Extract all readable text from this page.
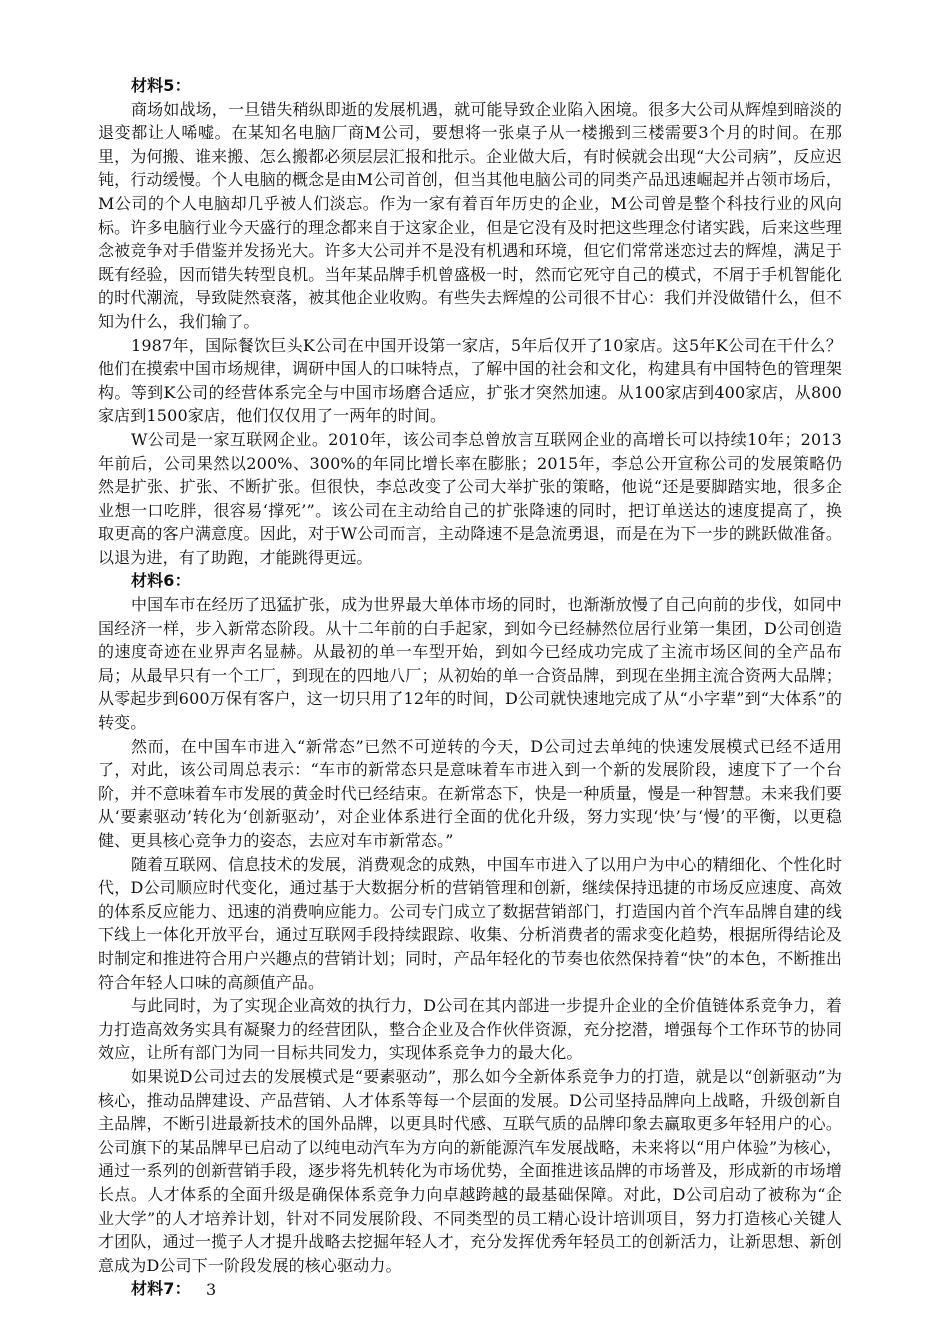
材料5：

商场如战场，一旦错失稍纵即逝的发展机遇，就可能导致企业陷入困境。很多大公司从辉煌到暗淡的退变都让人唏嘘。在某知名电脑厂商M公司，要想将一张桌子从一楼搬到三楼需要3个月的时间。在那里，为何搬、谁来搬、怎么搬都必须层层汇报和批示。企业做大后，有时候就会出现“大公司病”，反应迟钝，行动缓慢。个人电脑的概念是由M公司首创，但当其他电脑公司的同类产品迅速崛起并占领市场后，M公司的个人电脑却几乎被人们淡忘。作为一家有着百年历史的企业，M公司曾是整个科技行业的风向标。许多电脑行业今天盛行的理念都来自于这家企业，但是它没有及时把这些理念付诸实践，后来这些理念被竞争对手借鉴并发扬光大。许多大公司并不是没有机遇和环境，但它们常常迷恋过去的辉煌，满足于既有经验，因而错失转型良机。当年某品牌手机曾盛极一时，然而它死守自己的模式，不屑于手机智能化的时代潮流，导致陡然衰落，被其他企业收购。有些失去辉煌的公司很不甘心：我们并没做错什么，但不知为什么，我们输了。

1987年，国际餐饮巨头K公司在中国开设第一家店，5年后仅开了10家店。这5年K公司在干什么？他们在摸索中国市场规律，调研中国人的口味特点，了解中国的社会和文化，构建具有中国特色的管理架构。等到K公司的经营体系完全与中国市场磨合适应，扩张才突然加速。从100家店到400家店，从800家店到1500家店，他们仅仅用了一两年的时间。

W公司是一家互联网企业。2010年，该公司李总曾放言互联网企业的高增长可以持续10年；2013年前后，公司果然以200%、300%的年同比增长率在膨胀；2015年，李总公开宣称公司的发展策略仍然是扩张、扩张、不断扩张。但很快，李总改变了公司大举扩张的策略，他说“还是要脚踏实地，很多企业想一口吃胖，很容易‘撑死’”。该公司在主动给自己的扩张降速的同时，把订单送达的速度提高了，换取更高的客户满意度。因此，对于W公司而言，主动降速不是急流勇退，而是在为下一步的跳跃做准备。以退为进，有了助跑，才能跳得更远。

材料6：

中国车市在经历了迅猛扩张，成为世界最大单体市场的同时，也渐渐放慢了自己向前的步伐，如同中国经济一样，步入新常态阶段。从十二年前的白手起家，到如今已经赫然位居行业第一集团，D公司创造的速度奇迹在业界声名显赫。从最初的单一车型开始，到如今已经成功完成了主流市场区间的全产品布局；从最早只有一个工厂，到现在的四地八厂；从初始的单一合资品牌，到现在坐拥主流合资两大品牌；从零起步到600万保有客户，这一切只用了12年的时间，D公司就快速地完成了从“小字辈”到“大体系”的转变。

然而，在中国车市进入“新常态”已然不可逆转的今天，D公司过去单纯的快速发展模式已经不适用了，对此，该公司周总表示：“车市的新常态只是意味着车市进入到一个新的发展阶段，速度下了一个台阶，并不意味着车市发展的黄金时代已经结束。在新常态下，快是一种质量，慢是一种智慧。未来我们要从‘要素驱动’转化为‘创新驱动’，对企业体系进行全面的优化升级，努力实现‘快’与‘慢’的平衡，以更稳健、更具核心竞争力的姿态，去应对车市新常态。”

随着互联网、信息技术的发展，消费观念的成熟，中国车市进入了以用户为中心的精细化、个性化时代，D公司顺应时代变化，通过基于大数据分析的营销管理和创新，继续保持迅捷的市场反应速度、高效的体系反应能力、迅速的消费响应能力。公司专门成立了数据营销部门，打造国内首个汽车品牌自建的线下线上一体化开放平台，通过互联网手段持续跟踪、收集、分析消费者的需求变化趋势，根据所得结论及时制定和推进符合用户兴趣点的营销计划；同时，产品年轻化的节奏也依然保持着“快”的本色，不断推出符合年轻人口味的高颜值产品。

与此同时，为了实现企业高效的执行力，D公司在其内部进一步提升企业的全价值链体系竞争力，着力打造高效务实具有凝聚力的经营团队，整合企业及合作伙伴资源，充分挖潜，增强每个工作环节的协同效应，让所有部门为同一目标共同发力，实现体系竞争力的最大化。

如果说D公司过去的发展模式是“要素驱动”，那么如今全新体系竞争力的打造，就是以“创新驱动”为核心，推动品牌建设、产品营销、人才体系等每一个层面的发展。D公司坚持品牌向上战略，升级创新自主品牌，不断引进最新技术的国外品牌，以更具时代感、互联气质的品牌印象去赢取更多年轻用户的心。公司旗下的某品牌早已启动了以纯电动汽车为方向的新能源汽车发展战略，未来将以“用户体验”为核心，通过一系列的创新营销手段，逐步将先机转化为市场优势，全面推进该品牌的市场普及，形成新的市场增长点。人才体系的全面升级是确保体系竞争力向卓越跨越的最基础保障。对此，D公司启动了被称为“企业大学”的人才培养计划，针对不同发展阶段、不同类型的员工精心设计培训项目，努力打造核心关键人才团队，通过一揽子人才提升战略去挖掘年轻人才，充分发挥优秀年轻员工的创新活力，让新思想、新创意成为D公司下一阶段发展的核心驱动力。

材料7： 3
